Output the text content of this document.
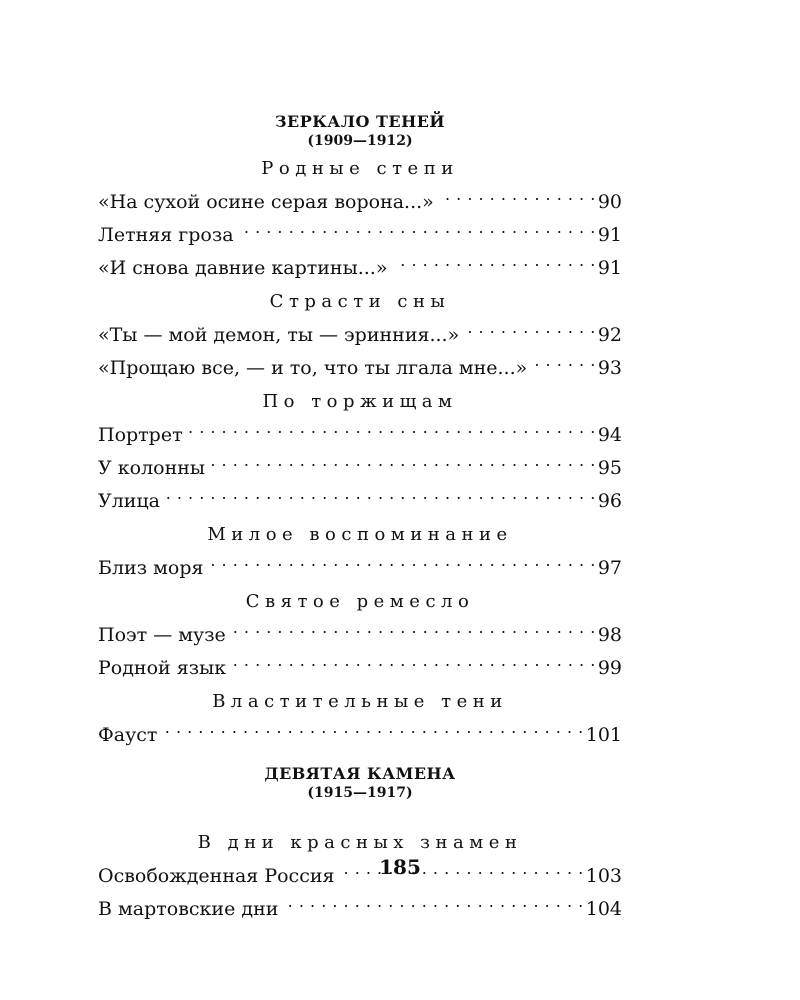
ЗЕРКАЛО ТЕНЕЙ
(1909—1912)
Родные степи
«На сухой осине серая ворона...» . . .	90
Летняя гроза . . .	91
«И снова давние картины...» . . .	91
Страсти сны
«Ты — мой демон, ты — эринния...» . . .	92
«Прощаю все, — и то, что ты лгала мне...» . . .	93
По торжищам
Портрет . . .	94
У колонны . . .	95
Улица . . .	96
Милое воспоминание
Близ моря . . .	97
Святое ремесло
Поэт — музе . . .	98
Родной язык . . .	99
Властительные тени
Фауст . . .	101
ДЕВЯТАЯ КАМЕНА
(1915—1917)
В дни красных знамен
Освобожденная Россия . . .	103
В мартовские дни . . .	104
185
